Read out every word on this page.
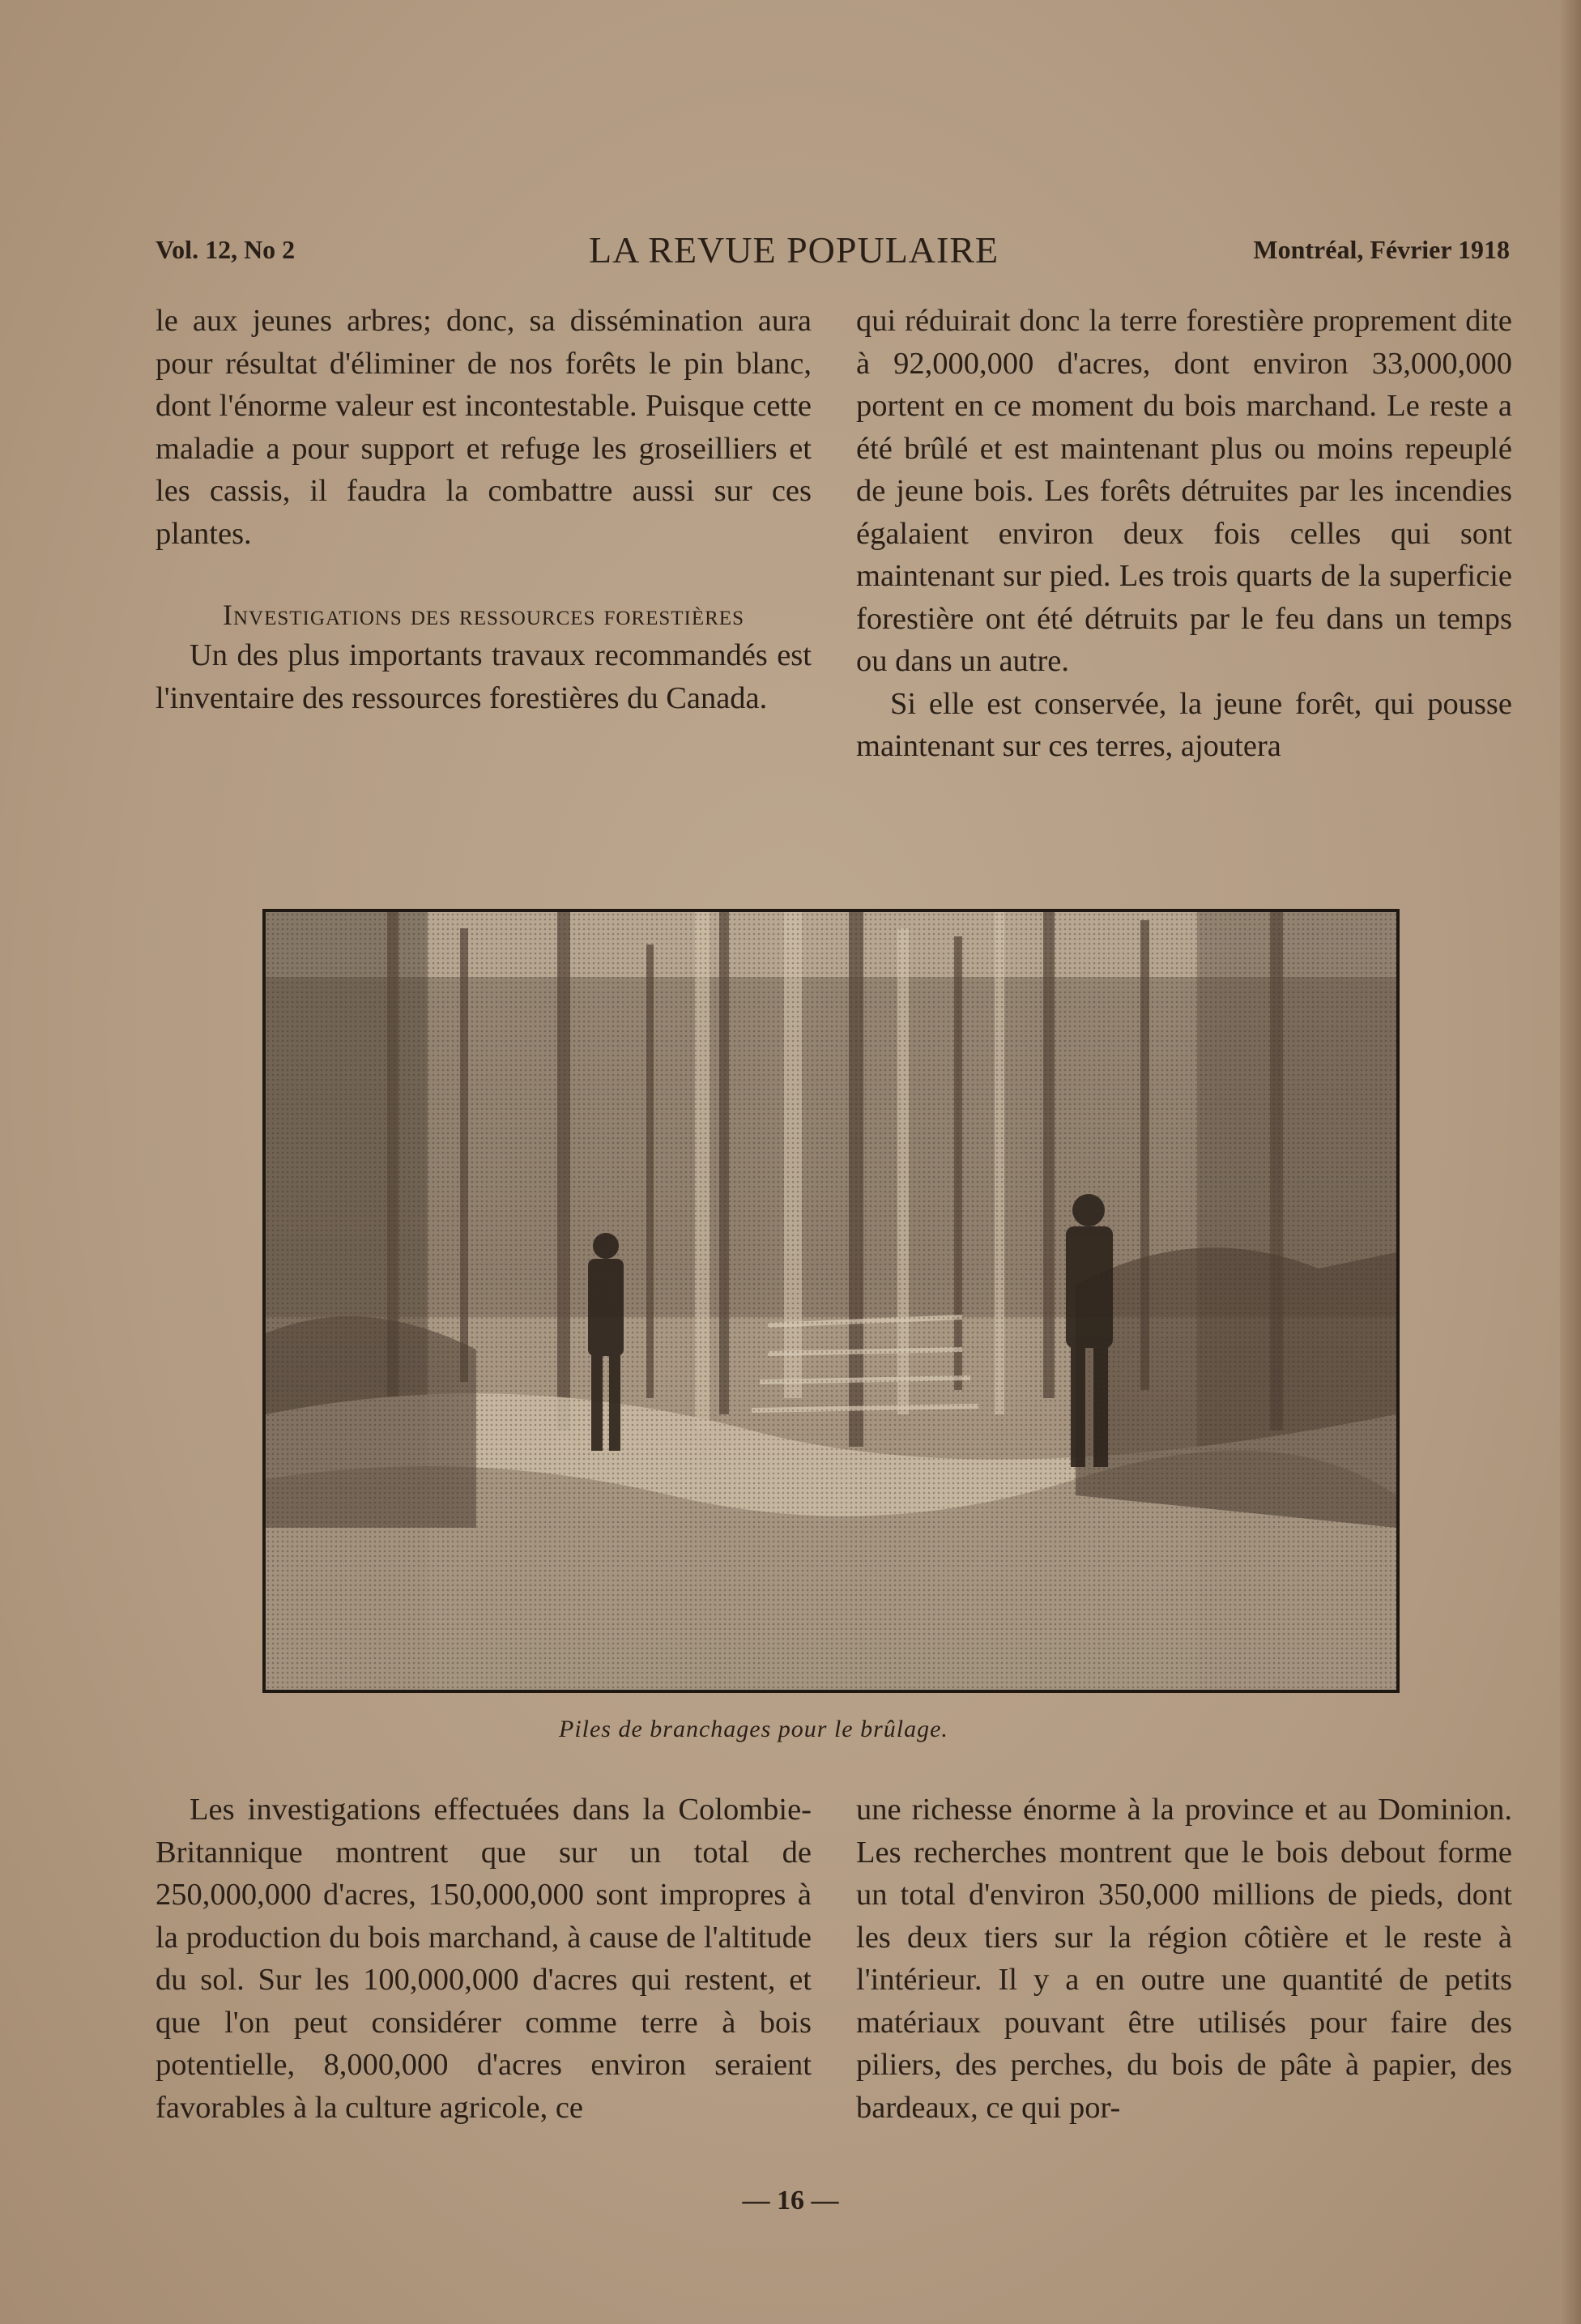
Vol. 12, No 2	LA REVUE POPULAIRE	Montréal, Février 1918

le aux jeunes arbres; donc, sa dissémination aura pour résultat d'éliminer de nos forêts le pin blanc, dont l'énorme valeur est incontestable. Puisque cette maladie a pour support et refuge les groseilliers et les cassis, il faudra la combattre aussi sur ces plantes.

Investigations des ressources forestières

Un des plus importants travaux recommandés est l'inventaire des ressources forestières du Canada.

qui réduirait donc la terre forestière proprement dite à 92,000,000 d'acres, dont environ 33,000,000 portent en ce moment du bois marchand. Le reste a été brûlé et est maintenant plus ou moins repeuplé de jeune bois. Les forêts détruites par les incendies égalaient environ deux fois celles qui sont maintenant sur pied. Les trois quarts de la superficie forestière ont été détruits par le feu dans un temps ou dans un autre.

Si elle est conservée, la jeune forêt, qui pousse maintenant sur ces terres, ajoutera

Piles de branchages pour le brûlage.

Les investigations effectuées dans la Colombie-Britannique montrent que sur un total de 250,000,000 d'acres, 150,000,000 sont impropres à la production du bois marchand, à cause de l'altitude du sol. Sur les 100,000,000 d'acres qui restent, et que l'on peut considérer comme terre à bois potentielle, 8,000,000 d'acres environ seraient favorables à la culture agricole, ce

une richesse énorme à la province et au Dominion. Les recherches montrent que le bois debout forme un total d'environ 350,000 millions de pieds, dont les deux tiers sur la région côtière et le reste à l'intérieur. Il y a en outre une quantité de petits matériaux pouvant être utilisés pour faire des piliers, des perches, du bois de pâte à papier, des bardeaux, ce qui por-

— 16 —
